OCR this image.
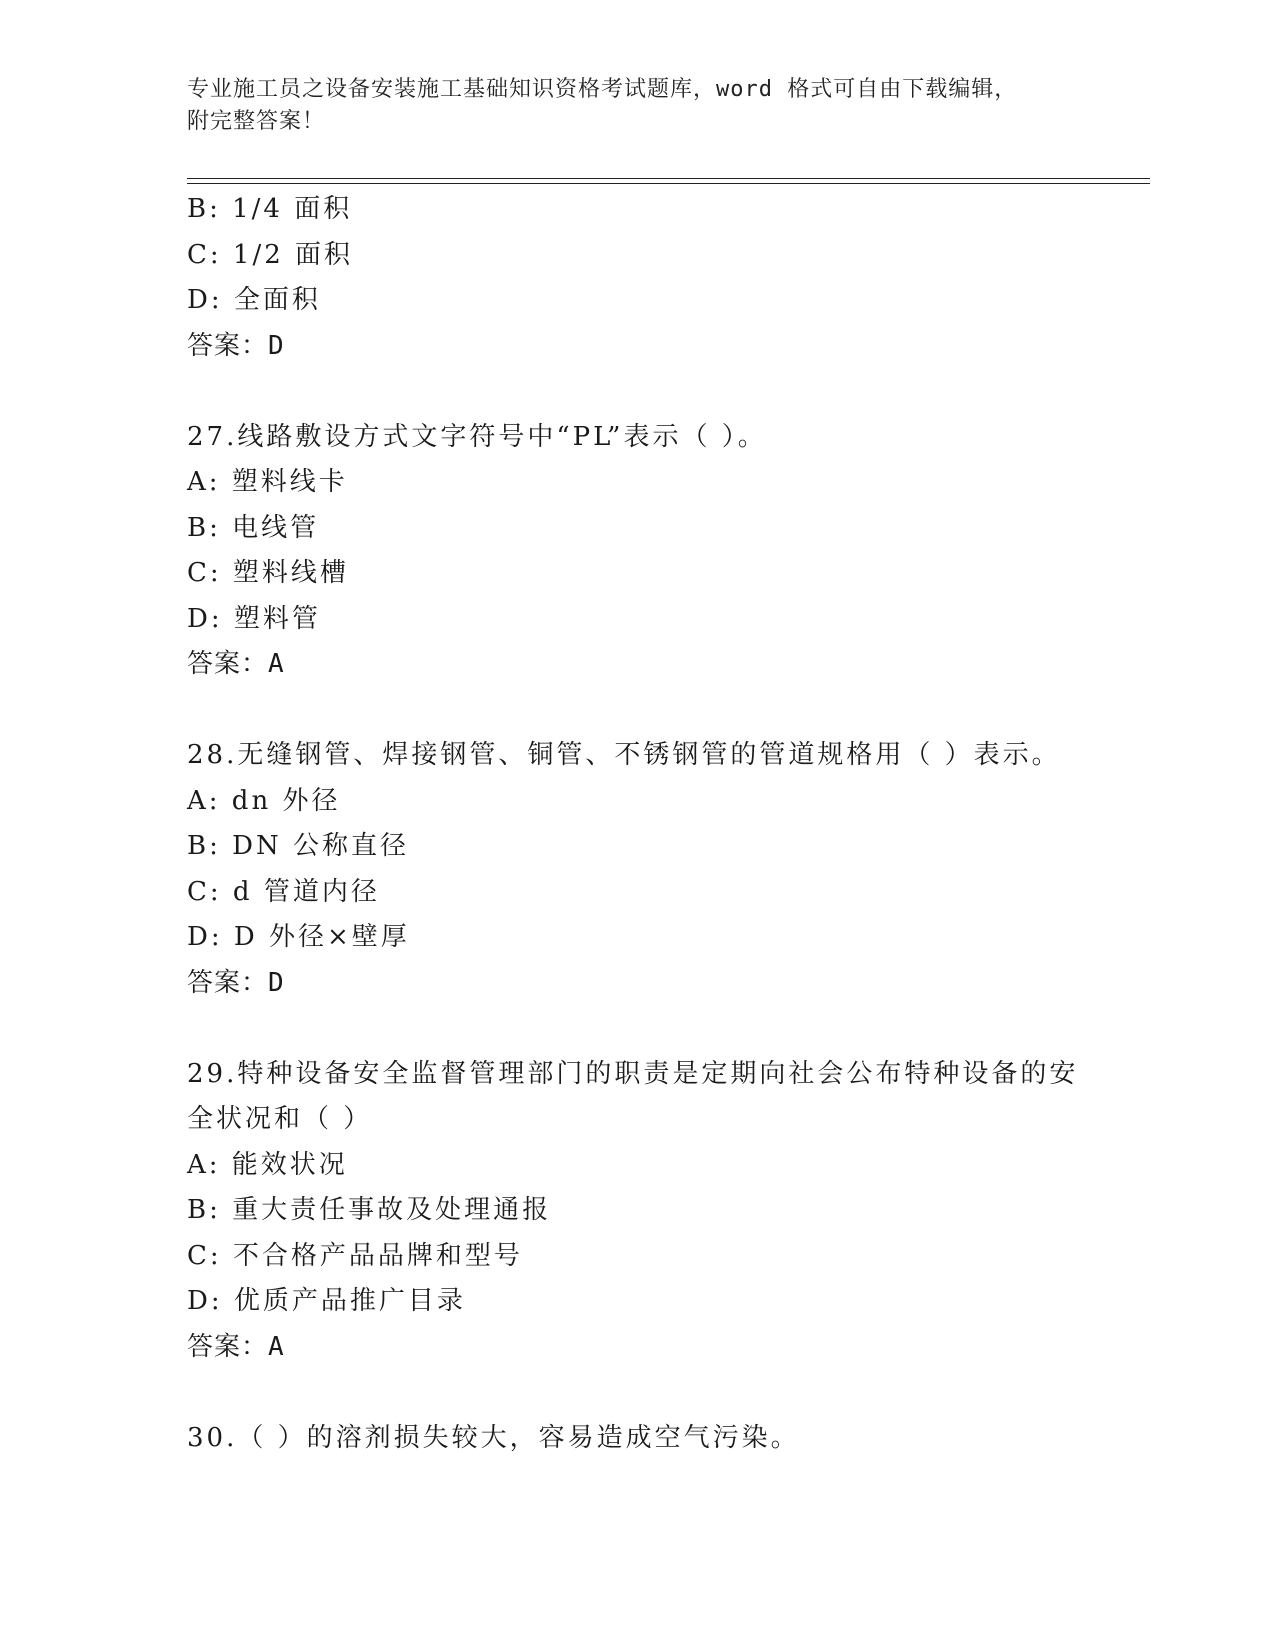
专业施工员之设备安装施工基础知识资格考试题库，word 格式可自由下载编辑，
附完整答案！
B: 1/4 面积
C: 1/2 面积
D: 全面积
答案：D
27.线路敷设方式文字符号中“PL”表示（ ）。
A: 塑料线卡
B: 电线管
C: 塑料线槽
D: 塑料管
答案：A
28.无缝钢管、焊接钢管、铜管、不锈钢管的管道规格用（ ）表示。
A: dn 外径
B: DN 公称直径
C: d 管道内径
D: D 外径×壁厚
答案：D
29.特种设备安全监督管理部门的职责是定期向社会公布特种设备的安
全状况和（ ）
A: 能效状况
B: 重大责任事故及处理通报
C: 不合格产品品牌和型号
D: 优质产品推广目录
答案：A
30.（ ）的溶剂损失较大，容易造成空气污染。
